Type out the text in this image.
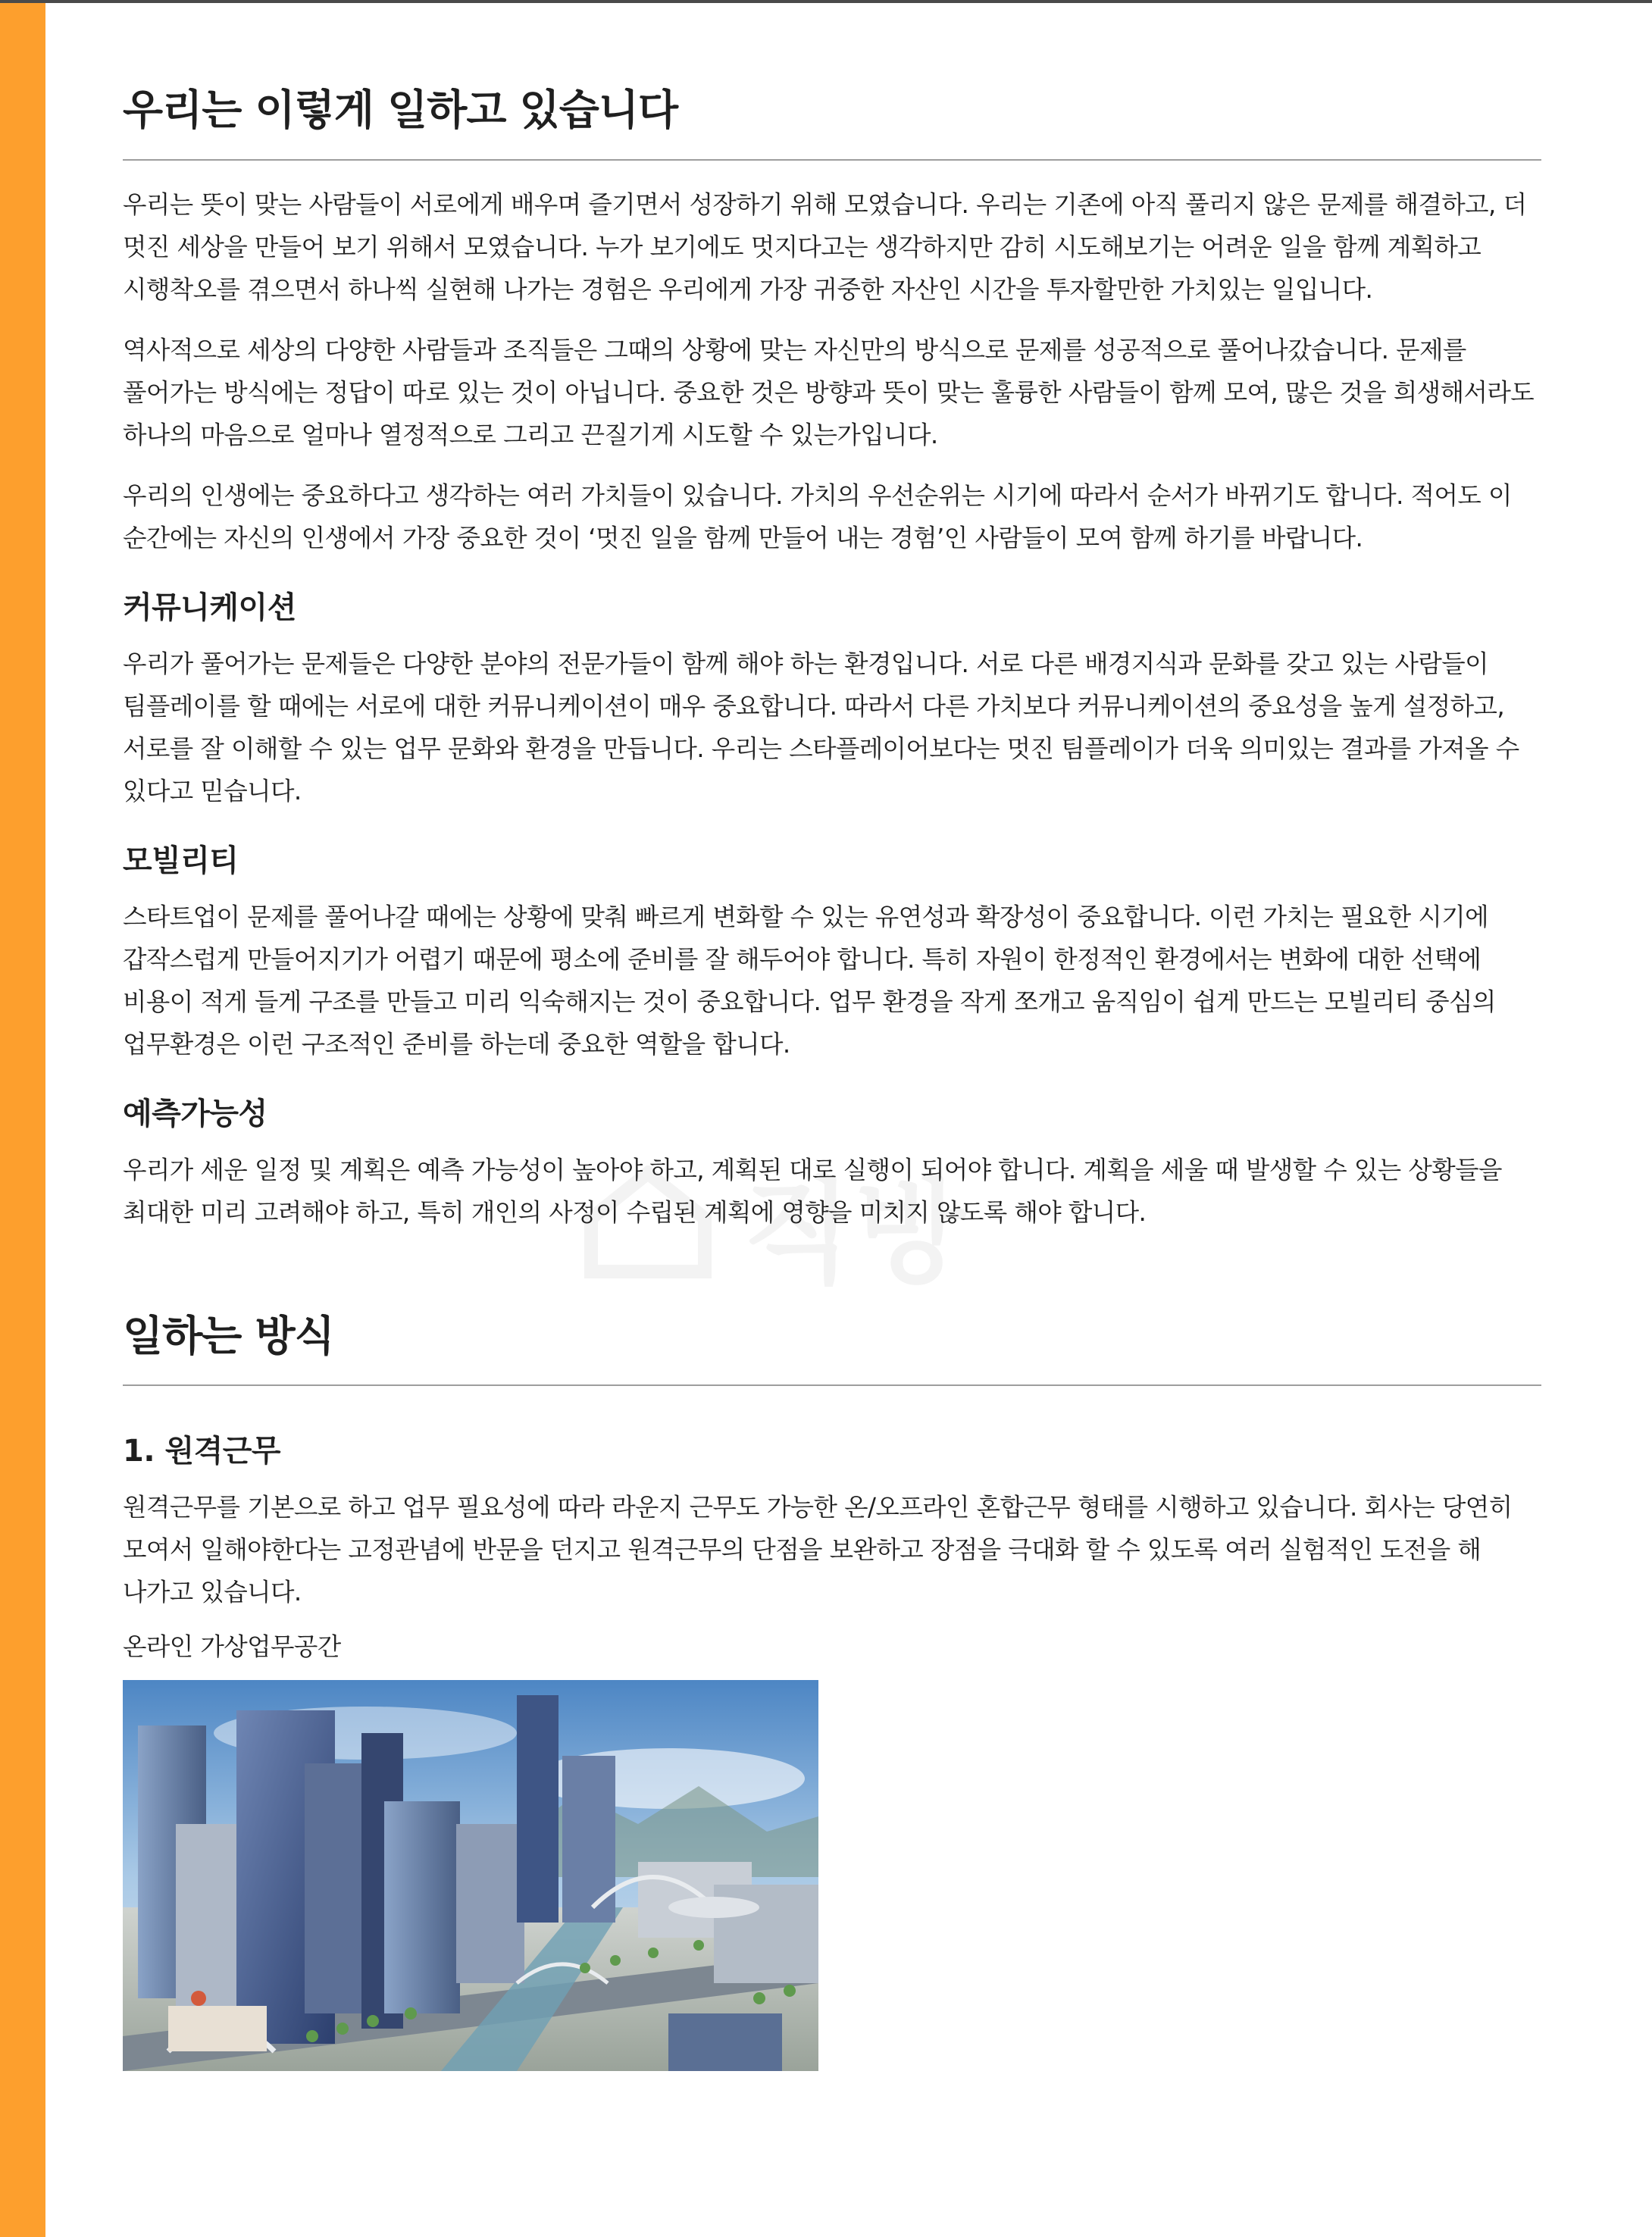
우리는 이렇게 일하고 있습니다

우리는 뜻이 맞는 사람들이 서로에게 배우며 즐기면서 성장하기 위해 모였습니다. 우리는 기존에 아직 풀리지 않은 문제를 해결하고, 더 멋진 세상을 만들어 보기 위해서 모였습니다. 누가 보기에도 멋지다고는 생각하지만 감히 시도해보기는 어려운 일을 함께 계획하고 시행착오를 겪으면서 하나씩 실현해 나가는 경험은 우리에게 가장 귀중한 자산인 시간을 투자할만한 가치있는 일입니다.

역사적으로 세상의 다양한 사람들과 조직들은 그때의 상황에 맞는 자신만의 방식으로 문제를 성공적으로 풀어나갔습니다. 문제를 풀어가는 방식에는 정답이 따로 있는 것이 아닙니다. 중요한 것은 방향과 뜻이 맞는 훌륭한 사람들이 함께 모여, 많은 것을 희생해서라도 하나의 마음으로 얼마나 열정적으로 그리고 끈질기게 시도할 수 있는가입니다.

우리의 인생에는 중요하다고 생각하는 여러 가치들이 있습니다. 가치의 우선순위는 시기에 따라서 순서가 바뀌기도 합니다. 적어도 이 순간에는 자신의 인생에서 가장 중요한 것이 ‘멋진 일을 함께 만들어 내는 경험’인 사람들이 모여 함께 하기를 바랍니다.

커뮤니케이션

우리가 풀어가는 문제들은 다양한 분야의 전문가들이 함께 해야 하는 환경입니다. 서로 다른 배경지식과 문화를 갖고 있는 사람들이 팀플레이를 할 때에는 서로에 대한 커뮤니케이션이 매우 중요합니다. 따라서 다른 가치보다 커뮤니케이션의 중요성을 높게 설정하고, 서로를 잘 이해할 수 있는 업무 문화와 환경을 만듭니다. 우리는 스타플레이어보다는 멋진 팀플레이가 더욱 의미있는 결과를 가져올 수 있다고 믿습니다.

모빌리티

스타트업이 문제를 풀어나갈 때에는 상황에 맞춰 빠르게 변화할 수 있는 유연성과 확장성이 중요합니다. 이런 가치는 필요한 시기에 갑작스럽게 만들어지기가 어렵기 때문에 평소에 준비를 잘 해두어야 합니다. 특히 자원이 한정적인 환경에서는 변화에 대한 선택에 비용이 적게 들게 구조를 만들고 미리 익숙해지는 것이 중요합니다. 업무 환경을 작게 쪼개고 움직임이 쉽게 만드는 모빌리티 중심의 업무환경은 이런 구조적인 준비를 하는데 중요한 역할을 합니다.

예측가능성

우리가 세운 일정 및 계획은 예측 가능성이 높아야 하고, 계획된 대로 실행이 되어야 합니다. 계획을 세울 때 발생할 수 있는 상황들을 최대한 미리 고려해야 하고, 특히 개인의 사정이 수립된 계획에 영향을 미치지 않도록 해야 합니다.

일하는 방식
1. 원격근무

원격근무를 기본으로 하고 업무 필요성에 따라 라운지 근무도 가능한 온/오프라인 혼합근무 형태를 시행하고 있습니다. 회사는 당연히 모여서 일해야한다는 고정관념에 반문을 던지고 원격근무의 단점을 보완하고 장점을 극대화 할 수 있도록 여러 실험적인 도전을 해 나가고 있습니다.

온라인 가상업무공간
